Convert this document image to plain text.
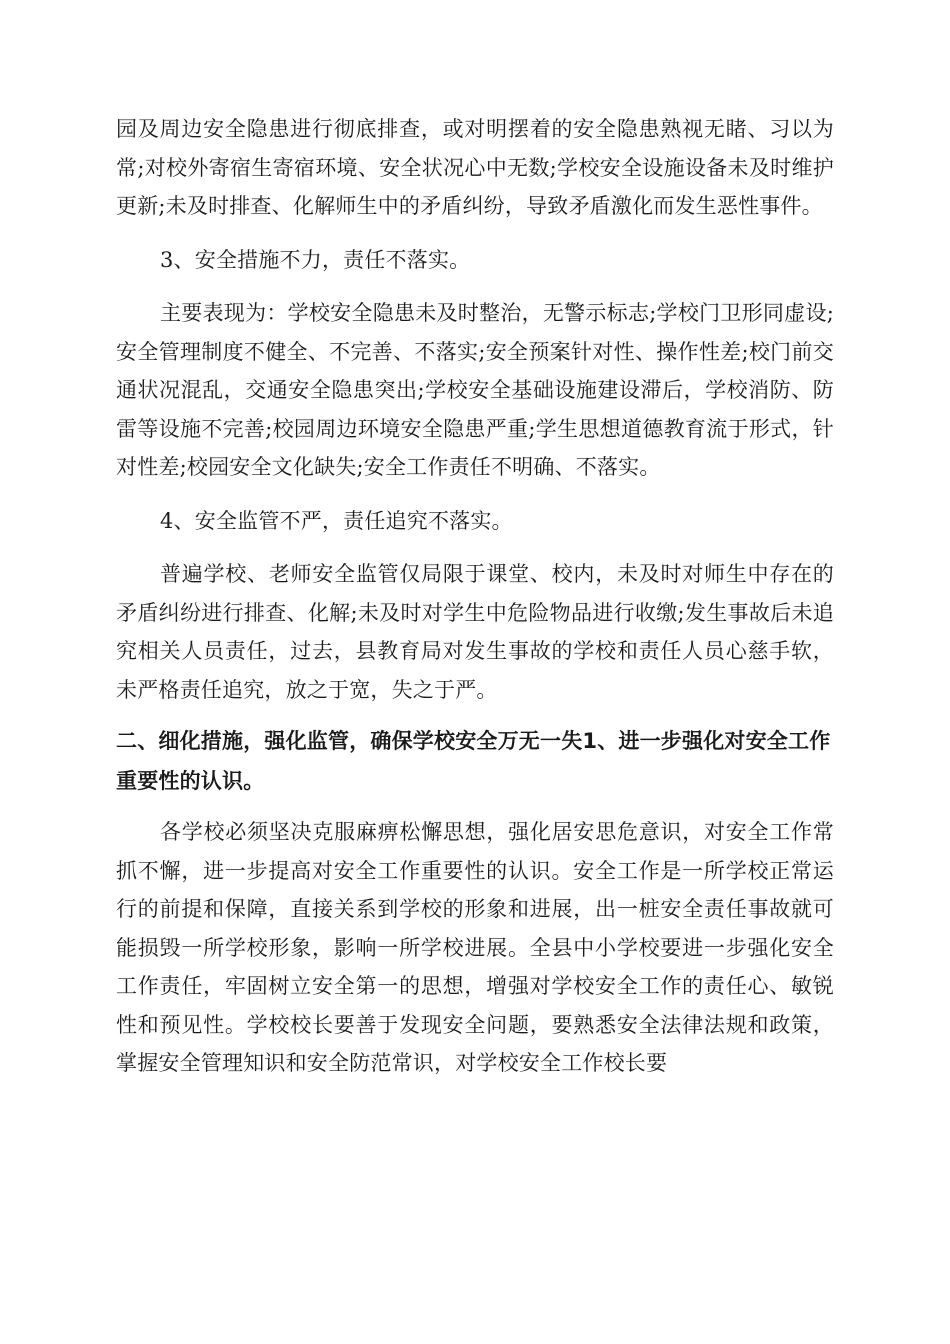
园及周边安全隐患进行彻底排查，或对明摆着的安全隐患熟视无睹、习以为常;对校外寄宿生寄宿环境、安全状况心中无数;学校安全设施设备未及时维护更新;未及时排查、化解师生中的矛盾纠纷，导致矛盾激化而发生恶性事件。

3、安全措施不力，责任不落实。

主要表现为：学校安全隐患未及时整治，无警示标志;学校门卫形同虚设;安全管理制度不健全、不完善、不落实;安全预案针对性、操作性差;校门前交通状况混乱，交通安全隐患突出;学校安全基础设施建设滞后，学校消防、防雷等设施不完善;校园周边环境安全隐患严重;学生思想道德教育流于形式，针对性差;校园安全文化缺失;安全工作责任不明确、不落实。

4、安全监管不严，责任追究不落实。

普遍学校、老师安全监管仅局限于课堂、校内，未及时对师生中存在的矛盾纠纷进行排查、化解;未及时对学生中危险物品进行收缴;发生事故后未追究相关人员责任，过去，县教育局对发生事故的学校和责任人员心慈手软，未严格责任追究，放之于宽，失之于严。

二、细化措施，强化监管，确保学校安全万无一失1、进一步强化对安全工作重要性的认识。

各学校必须坚决克服麻痹松懈思想，强化居安思危意识，对安全工作常抓不懈，进一步提高对安全工作重要性的认识。安全工作是一所学校正常运行的前提和保障，直接关系到学校的形象和进展，出一桩安全责任事故就可能损毁一所学校形象，影响一所学校进展。全县中小学校要进一步强化安全工作责任，牢固树立安全第一的思想，增强对学校安全工作的责任心、敏锐性和预见性。学校校长要善于发现安全问题，要熟悉安全法律法规和政策，掌握安全管理知识和安全防范常识，对学校安全工作校长要
